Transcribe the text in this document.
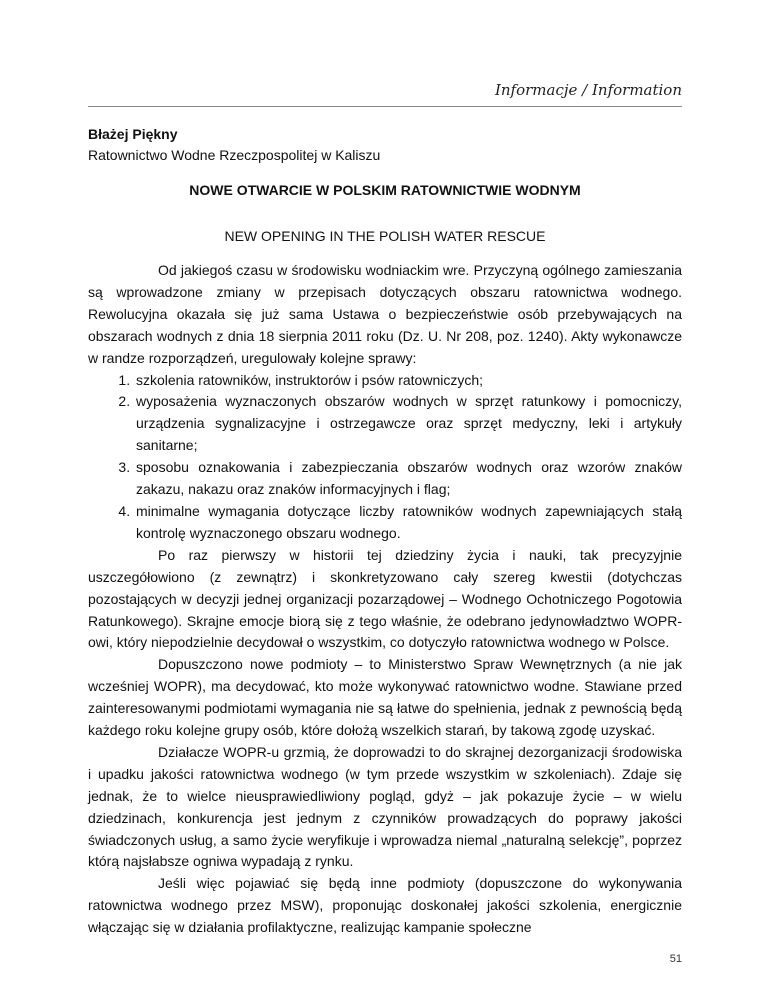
Informacje / Information
Błażej Piękny
Ratownictwo Wodne Rzeczpospolitej w Kaliszu
NOWE OTWARCIE W POLSKIM RATOWNICTWIE WODNYM
NEW OPENING IN THE POLISH WATER RESCUE

Od jakiegoś czasu w środowisku wodniackim wre. Przyczyną ogólnego zamieszania są wprowadzone zmiany w przepisach dotyczących obszaru ratownictwa wodnego. Rewolucyjna okazała się już sama Ustawa o bezpieczeństwie osób przebywających na obszarach wodnych z dnia 18 sierpnia 2011 roku (Dz. U. Nr 208, poz. 1240). Akty wykonawcze w randze rozporządzeń, uregulowały kolejne sprawy:

1. szkolenia ratowników, instruktorów i psów ratowniczych;
2. wyposażenia wyznaczonych obszarów wodnych w sprzęt ratunkowy i pomocniczy, urządzenia sygnalizacyjne i ostrzegawcze oraz sprzęt medyczny, leki i artykuły sanitarne;
3. sposobu oznakowania i zabezpieczania obszarów wodnych oraz wzorów znaków zakazu, nakazu oraz znaków informacyjnych i flag;
4. minimalne wymagania dotyczące liczby ratowników wodnych zapewniających stałą kontrolę wyznaczonego obszaru wodnego.

Po raz pierwszy w historii tej dziedziny życia i nauki, tak precyzyjnie uszczegółowiono (z zewnątrz) i skonkretyzowano cały szereg kwestii (dotychczas pozostających w decyzji jednej organizacji pozarządowej – Wodnego Ochotniczego Pogotowia Ratunkowego). Skrajne emocje biorą się z tego właśnie, że odebrano jedynowładztwo WOPR-owi, który niepodzielnie decydował o wszystkim, co dotyczyło ratownictwa wodnego w Polsce.

Dopuszczono nowe podmioty – to Ministerstwo Spraw Wewnętrznych (a nie jak wcześniej WOPR), ma decydować, kto może wykonywać ratownictwo wodne. Stawiane przed zainteresowanymi podmiotami wymagania nie są łatwe do spełnienia, jednak z pewnością będą każdego roku kolejne grupy osób, które dołożą wszelkich starań, by takową zgodę uzyskać.

Działacze WOPR-u grzmią, że doprowadzi to do skrajnej dezorganizacji środowiska i upadku jakości ratownictwa wodnego (w tym przede wszystkim w szkoleniach). Zdaje się jednak, że to wielce nieusprawiedliwiony pogląd, gdyż – jak pokazuje życie – w wielu dziedzinach, konkurencja jest jednym z czynników prowadzących do poprawy jakości świadczonych usług, a samo życie weryfikuje i wprowadza niemal „naturalną selekcję”, poprzez którą najsłabsze ogniwa wypadają z rynku.

Jeśli więc pojawiać się będą inne podmioty (dopuszczone do wykonywania ratownictwa wodnego przez MSW), proponując doskonałej jakości szkolenia, energicznie włączając się w działania profilaktyczne, realizując kampanie społeczne

51
